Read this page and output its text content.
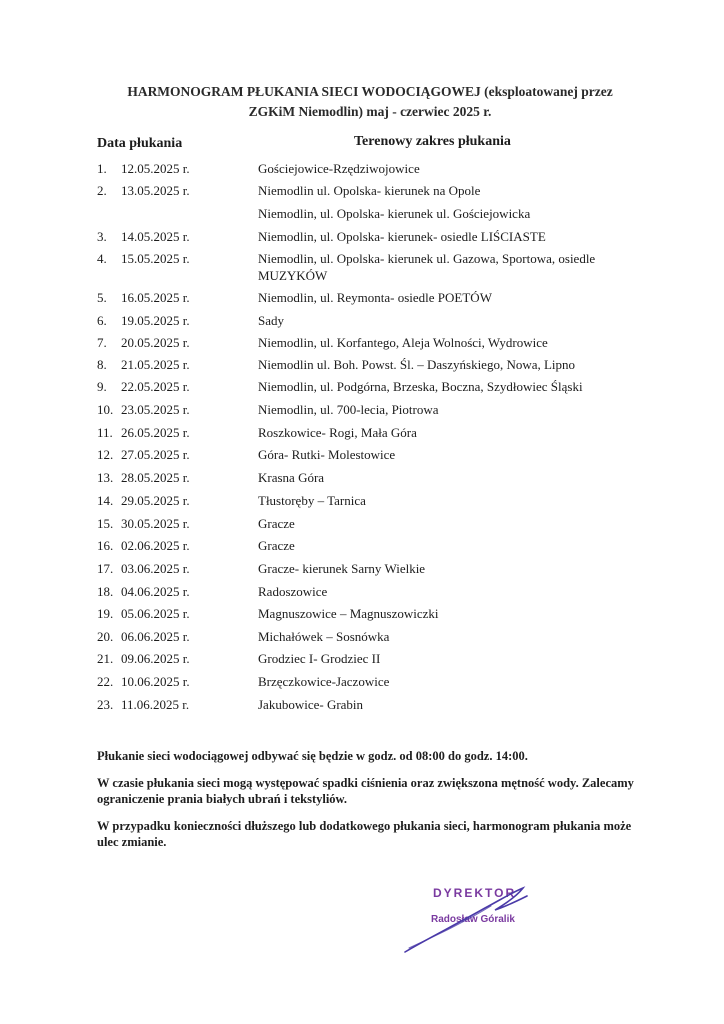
HARMONOGRAM PŁUKANIA SIECI WODOCIĄGOWEJ (eksploatowanej przez
ZGKiM Niemodlin) maj - czerwiec 2025 r.
Data płukania	Terenowy zakres płukania
1. 12.05.2025 r.	Gościejowice-Rzędziwojowice
2. 13.05.2025 r.	Niemodlin ul. Opolska- kierunek na Opole
Niemodlin, ul. Opolska- kierunek ul. Gościejowicka
3. 14.05.2025 r.	Niemodlin, ul. Opolska- kierunek- osiedle LIŚCIASTE
4. 15.05.2025 r.	Niemodlin, ul. Opolska- kierunek ul. Gazowa, Sportowa, osiedle MUZYKÓW
5. 16.05.2025 r.	Niemodlin, ul. Reymonta- osiedle POETÓW
6. 19.05.2025 r.	Sady
7. 20.05.2025 r.	Niemodlin, ul. Korfantego, Aleja Wolności, Wydrowice
8. 21.05.2025 r.	Niemodlin ul. Boh. Powst. Śl. – Daszyńskiego, Nowa, Lipno
9. 22.05.2025 r.	Niemodlin, ul. Podgórna, Brzeska, Boczna, Szydłowiec Śląski
10. 23.05.2025 r.	Niemodlin, ul. 700-lecia, Piotrowa
11. 26.05.2025 r.	Roszkowice- Rogi, Mała Góra
12. 27.05.2025 r.	Góra- Rutki- Molestowice
13. 28.05.2025 r.	Krasna Góra
14. 29.05.2025 r.	Tłustoręby – Tarnica
15. 30.05.2025 r.	Gracze
16. 02.06.2025 r.	Gracze
17. 03.06.2025 r.	Gracze- kierunek Sarny Wielkie
18. 04.06.2025 r.	Radoszowice
19. 05.06.2025 r.	Magnuszowice – Magnuszowiczki
20. 06.06.2025 r.	Michałówek – Sosnówka
21. 09.06.2025 r.	Grodziec I- Grodziec II
22. 10.06.2025 r.	Brzęczkowice-Jaczowice
23. 11.06.2025 r.	Jakubowice- Grabin

Płukanie sieci wodociągowej odbywać się będzie w godz. od 08:00 do godz. 14:00.

W czasie płukania sieci mogą występować spadki ciśnienia oraz zwiększona mętność wody. Zalecamy ograniczenie prania białych ubrań i tekstyliów.

W przypadku konieczności dłuższego lub dodatkowego płukania sieci, harmonogram płukania może ulec zmianie.

DYREKTOR
Radosław Góralik
